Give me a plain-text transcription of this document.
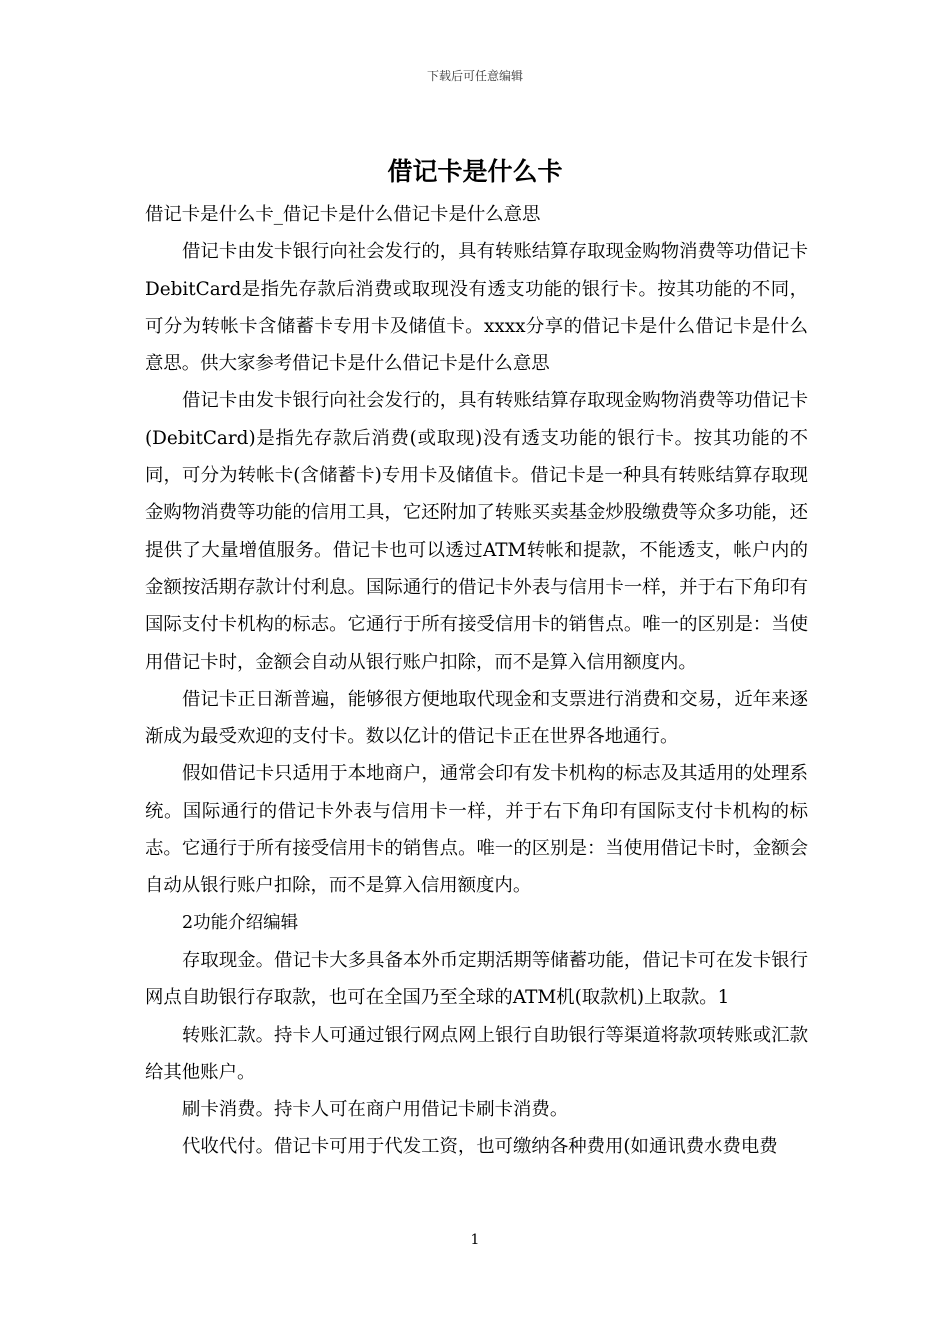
下载后可任意编辑
借记卡是什么卡

借记卡是什么卡_借记卡是什么借记卡是什么意思

借记卡由发卡银行向社会发行的，具有转账结算存取现金购物消费等功借记卡DebitCard是指先存款后消费或取现没有透支功能的银行卡。按其功能的不同，可分为转帐卡含储蓄卡专用卡及储值卡。xxxx分享的借记卡是什么借记卡是什么意思。供大家参考借记卡是什么借记卡是什么意思

借记卡由发卡银行向社会发行的，具有转账结算存取现金购物消费等功借记卡(DebitCard)是指先存款后消费(或取现)没有透支功能的银行卡。按其功能的不同，可分为转帐卡(含储蓄卡)专用卡及储值卡。借记卡是一种具有转账结算存取现金购物消费等功能的信用工具，它还附加了转账买卖基金炒股缴费等众多功能，还提供了大量增值服务。借记卡也可以透过ATM转帐和提款，不能透支，帐户内的金额按活期存款计付利息。国际通行的借记卡外表与信用卡一样，并于右下角印有国际支付卡机构的标志。它通行于所有接受信用卡的销售点。唯一的区别是：当使用借记卡时，金额会自动从银行账户扣除，而不是算入信用额度内。

借记卡正日渐普遍，能够很方便地取代现金和支票进行消费和交易，近年来逐渐成为最受欢迎的支付卡。数以亿计的借记卡正在世界各地通行。

假如借记卡只适用于本地商户，通常会印有发卡机构的标志及其适用的处理系统。国际通行的借记卡外表与信用卡一样，并于右下角印有国际支付卡机构的标志。它通行于所有接受信用卡的销售点。唯一的区别是：当使用借记卡时，金额会自动从银行账户扣除，而不是算入信用额度内。

2功能介绍编辑

存取现金。借记卡大多具备本外币定期活期等储蓄功能，借记卡可在发卡银行网点自助银行存取款，也可在全国乃至全球的ATM机(取款机)上取款。1

转账汇款。持卡人可通过银行网点网上银行自助银行等渠道将款项转账或汇款给其他账户。

刷卡消费。持卡人可在商户用借记卡刷卡消费。

代收代付。借记卡可用于代发工资，也可缴纳各种费用(如通讯费水费电费

1
